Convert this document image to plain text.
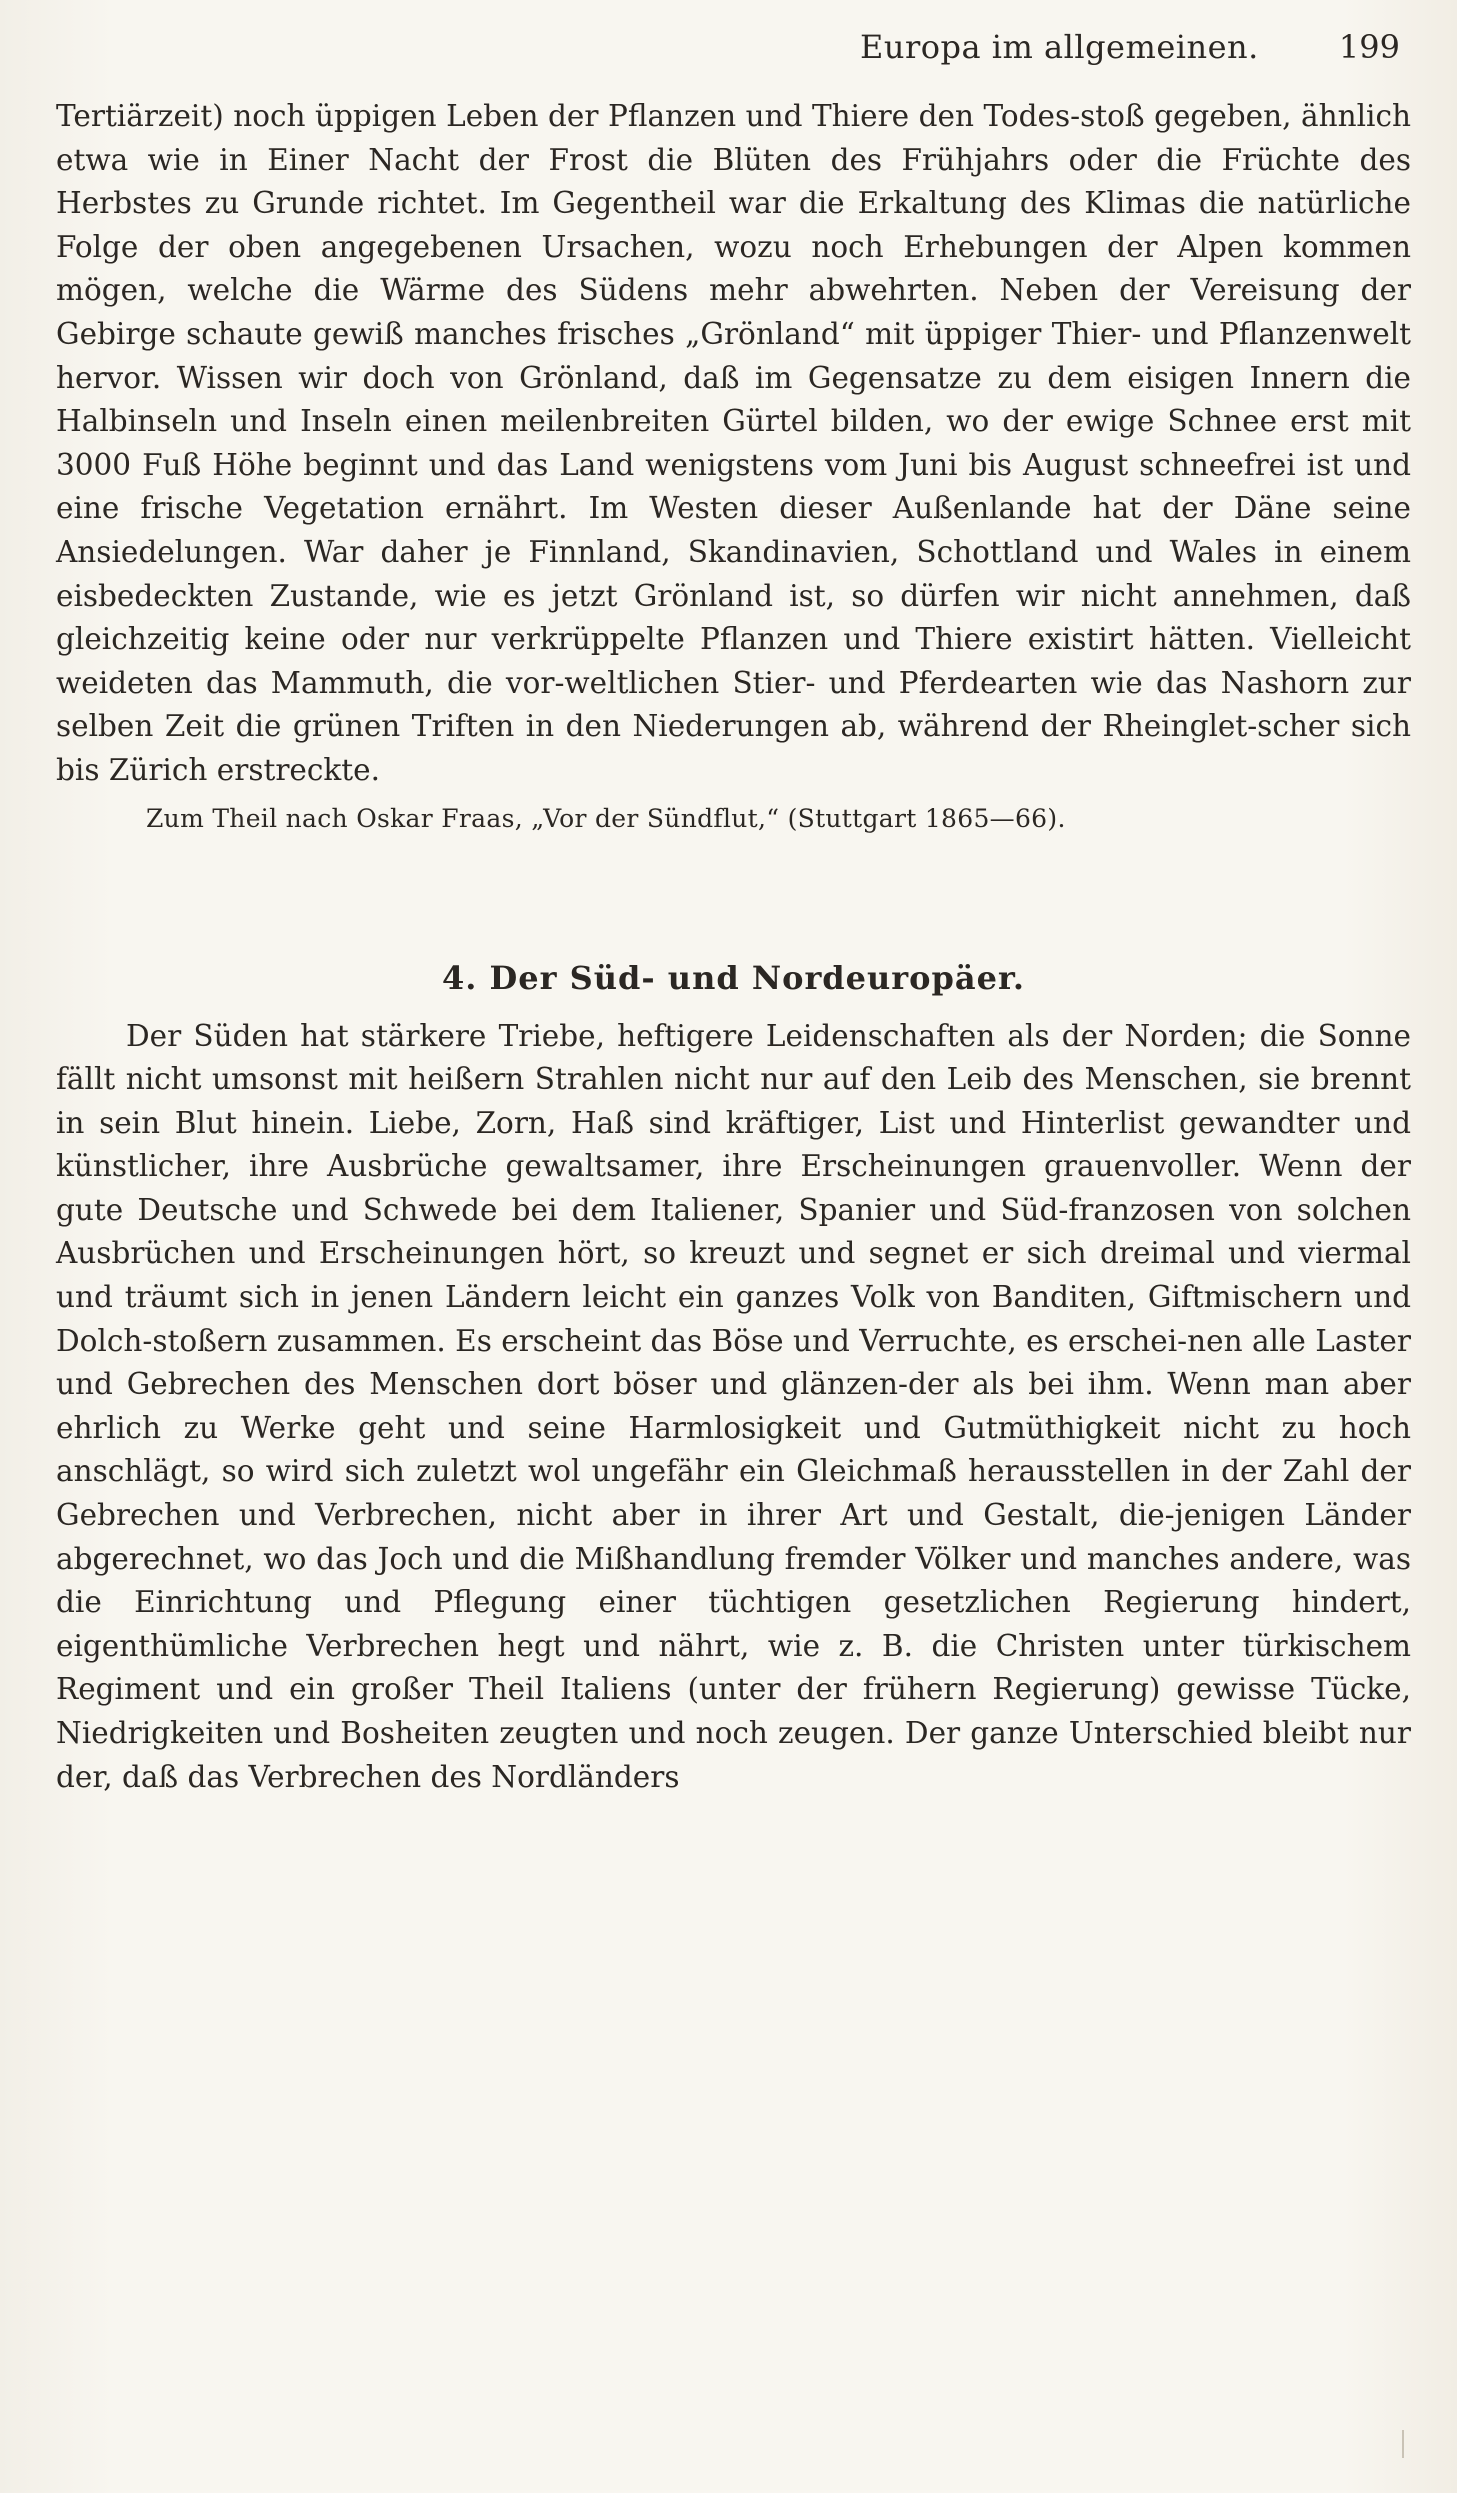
Europa im allgemeinen.	199

Tertiärzeit) noch üppigen Leben der Pflanzen und Thiere den Todes-stoß gegeben, ähnlich etwa wie in Einer Nacht der Frost die Blüten des Frühjahrs oder die Früchte des Herbstes zu Grunde richtet. Im Gegentheil war die Erkaltung des Klimas die natürliche Folge der oben angegebenen Ursachen, wozu noch Erhebungen der Alpen kommen mögen, welche die Wärme des Südens mehr abwehrten. Neben der Vereisung der Gebirge schaute gewiß manches frisches „Grönland“ mit üppiger Thier- und Pflanzenwelt hervor. Wissen wir doch von Grönland, daß im Gegensatze zu dem eisigen Innern die Halbinseln und Inseln einen meilenbreiten Gürtel bilden, wo der ewige Schnee erst mit 3000 Fuß Höhe beginnt und das Land wenigstens vom Juni bis August schneefrei ist und eine frische Vegetation ernährt. Im Westen dieser Außenlande hat der Däne seine Ansiedelungen. War daher je Finnland, Skandinavien, Schottland und Wales in einem eisbedeckten Zustande, wie es jetzt Grönland ist, so dürfen wir nicht annehmen, daß gleichzeitig keine oder nur verkrüppelte Pflanzen und Thiere existirt hätten. Vielleicht weideten das Mammuth, die vor-weltlichen Stier- und Pferdearten wie das Nashorn zur selben Zeit die grünen Triften in den Niederungen ab, während der Rheinglet-scher sich bis Zürich erstreckte.

Zum Theil nach Oskar Fraas, „Vor der Sündflut,“ (Stuttgart 1865—66).

4. Der Süd- und Nordeuropäer.

Der Süden hat stärkere Triebe, heftigere Leidenschaften als der Norden; die Sonne fällt nicht umsonst mit heißern Strahlen nicht nur auf den Leib des Menschen, sie brennt in sein Blut hinein. Liebe, Zorn, Haß sind kräftiger, List und Hinterlist gewandter und künstlicher, ihre Ausbrüche gewaltsamer, ihre Erscheinungen grauenvoller. Wenn der gute Deutsche und Schwede bei dem Italiener, Spanier und Süd-franzosen von solchen Ausbrüchen und Erscheinungen hört, so kreuzt und segnet er sich dreimal und viermal und träumt sich in jenen Ländern leicht ein ganzes Volk von Banditen, Giftmischern und Dolch-stoßern zusammen. Es erscheint das Böse und Verruchte, es erschei-nen alle Laster und Gebrechen des Menschen dort böser und glänzen-der als bei ihm. Wenn man aber ehrlich zu Werke geht und seine Harmlosigkeit und Gutmüthigkeit nicht zu hoch anschlägt, so wird sich zuletzt wol ungefähr ein Gleichmaß herausstellen in der Zahl der Gebrechen und Verbrechen, nicht aber in ihrer Art und Gestalt, die-jenigen Länder abgerechnet, wo das Joch und die Mißhandlung fremder Völker und manches andere, was die Einrichtung und Pflegung einer tüchtigen gesetzlichen Regierung hindert, eigenthümliche Verbrechen hegt und nährt, wie z. B. die Christen unter türkischem Regiment und ein großer Theil Italiens (unter der frühern Regierung) gewisse Tücke, Niedrigkeiten und Bosheiten zeugten und noch zeugen. Der ganze Unterschied bleibt nur der, daß das Verbrechen des Nordländers
